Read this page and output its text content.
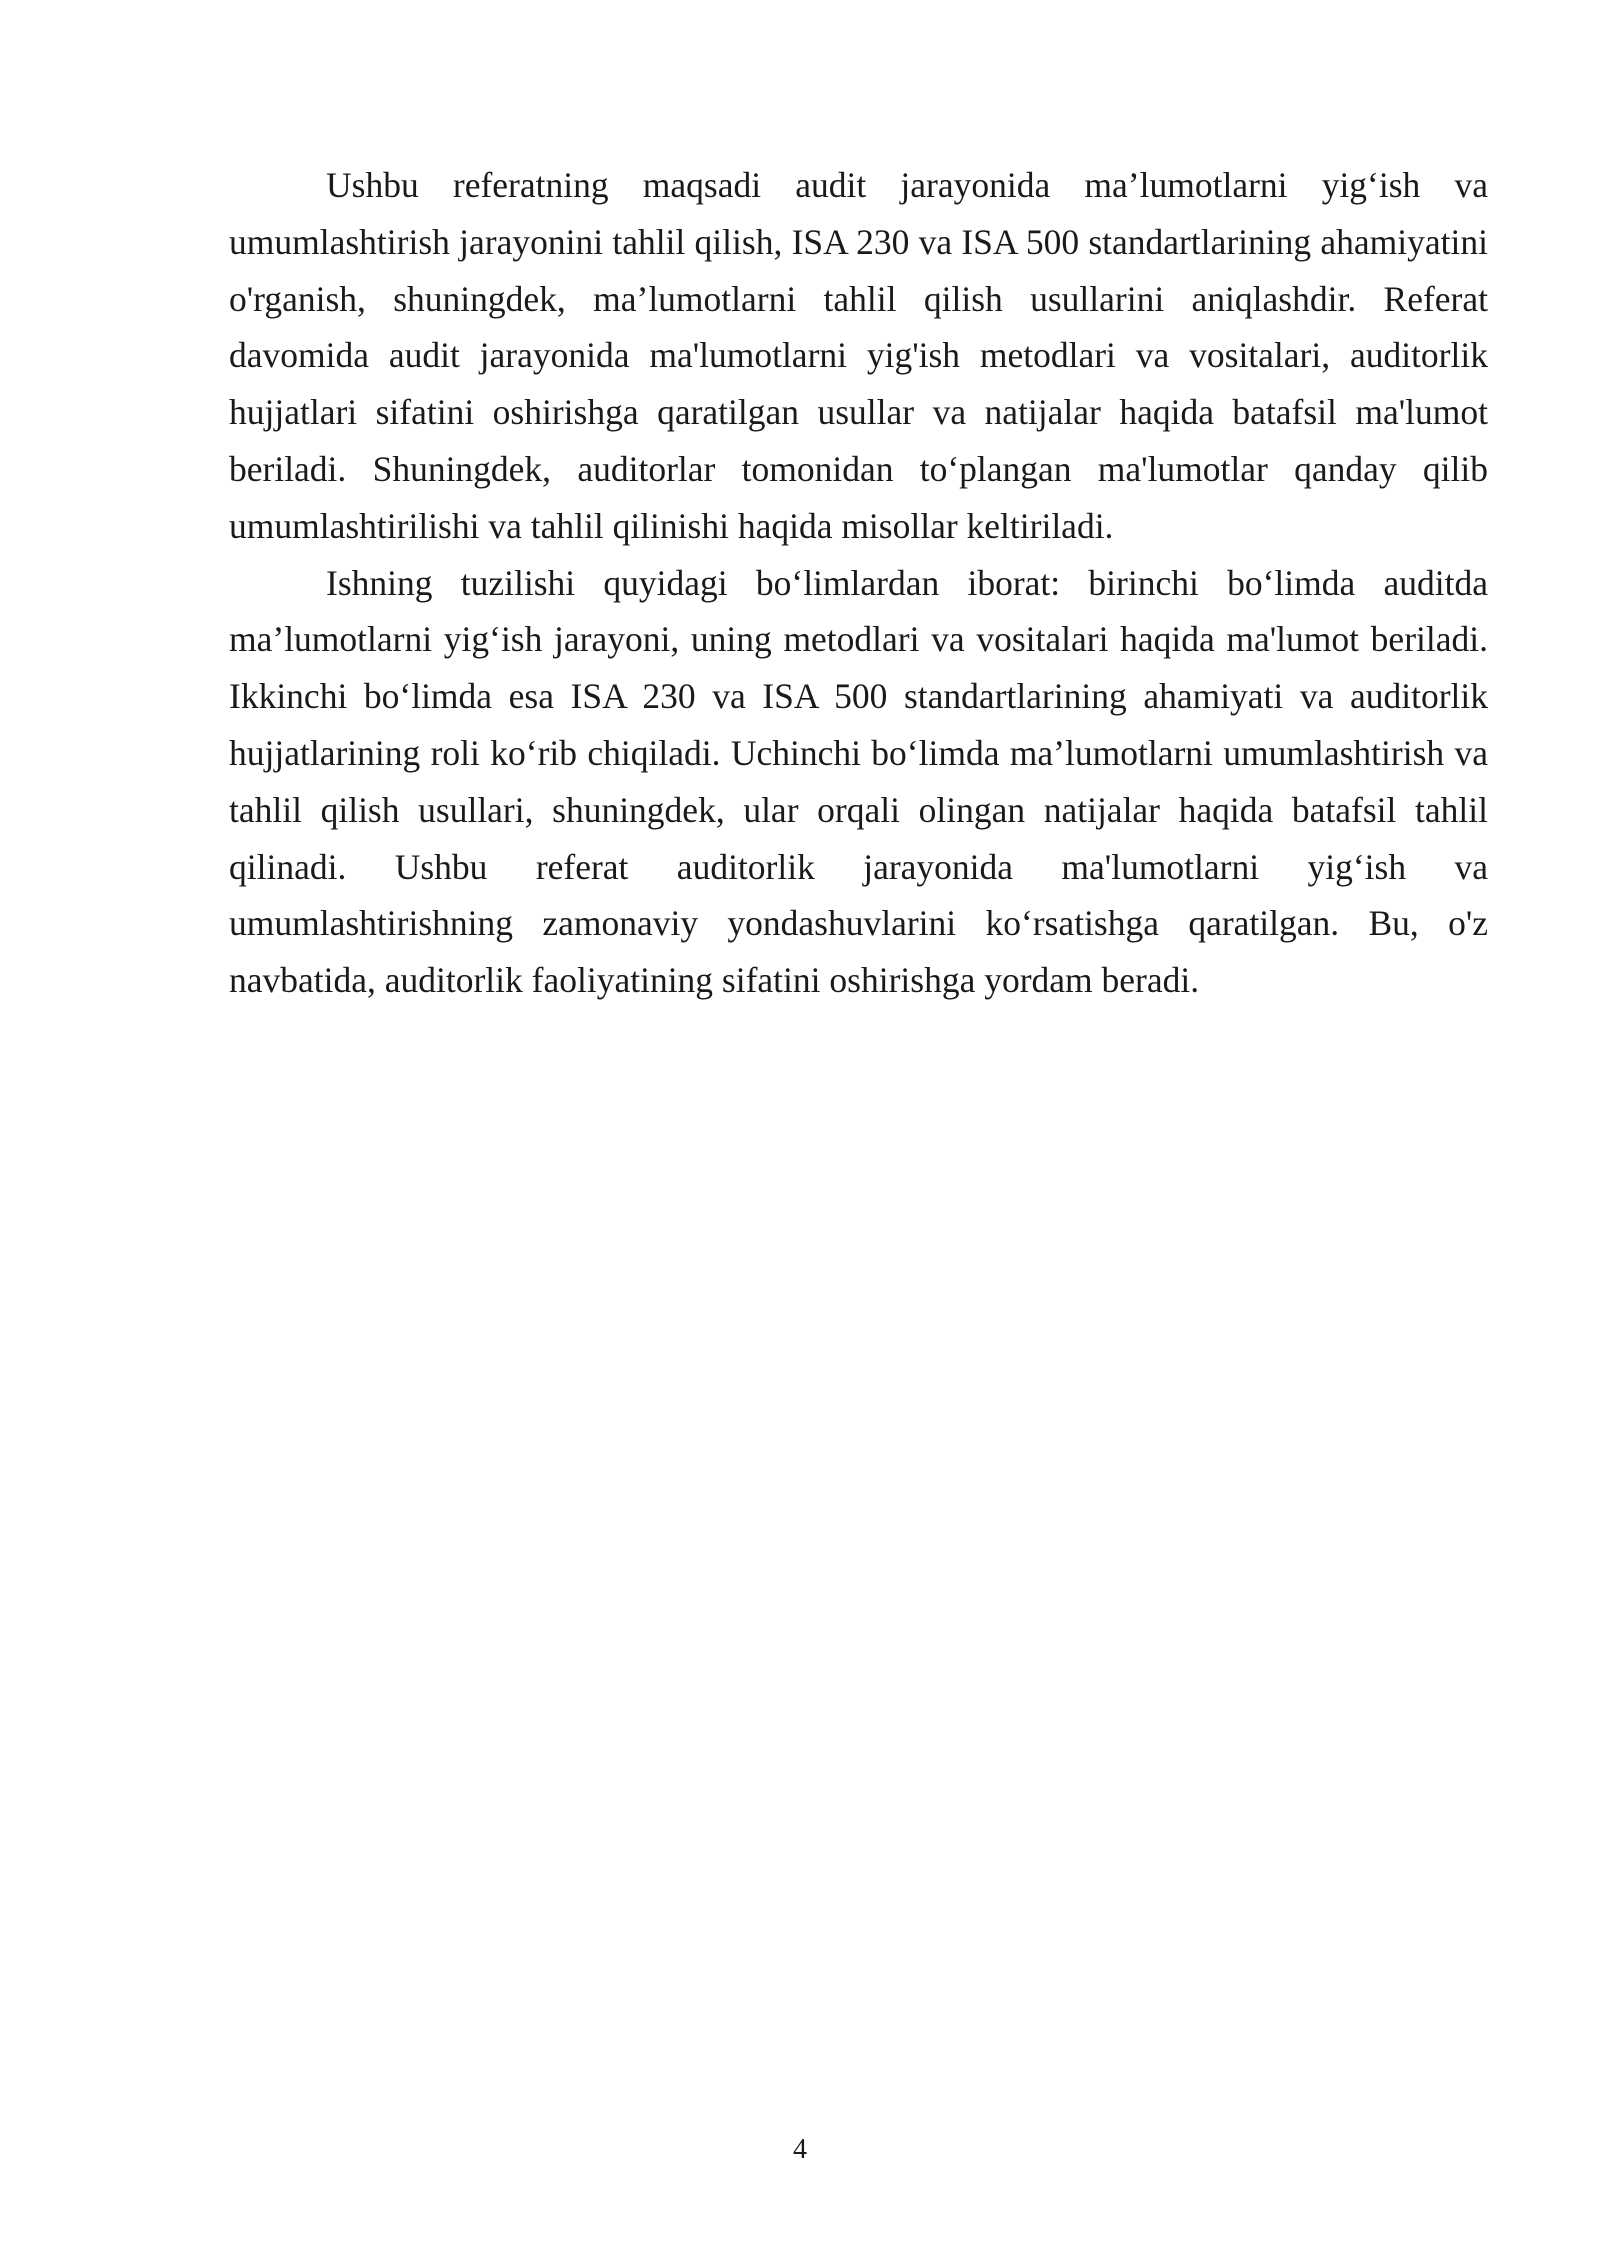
Ushbu referatning maqsadi audit jarayonida ma’lumotlarni yig‘ish va umumlashtirish jarayonini tahlil qilish, ISA 230 va ISA 500 standartlarining ahamiyatini o'rganish, shuningdek, ma’lumotlarni tahlil qilish usullarini aniqlashdir. Referat davomida audit jarayonida ma'lumotlarni yig'ish metodlari va vositalari, auditorlik hujjatlari sifatini oshirishga qaratilgan usullar va natijalar haqida batafsil ma'lumot beriladi. Shuningdek, auditorlar tomonidan to‘plangan ma'lumotlar qanday qilib umumlashtirilishi va tahlil qilinishi haqida misollar keltiriladi.

Ishning tuzilishi quyidagi bo‘limlardan iborat: birinchi bo‘limda auditda ma’lumotlarni yig‘ish jarayoni, uning metodlari va vositalari haqida ma'lumot beriladi. Ikkinchi bo‘limda esa ISA 230 va ISA 500 standartlarining ahamiyati va auditorlik hujjatlarining roli ko‘rib chiqiladi. Uchinchi bo‘limda ma’lumotlarni umumlashtirish va tahlil qilish usullari, shuningdek, ular orqali olingan natijalar haqida batafsil tahlil qilinadi. Ushbu referat auditorlik jarayonida ma'lumotlarni yig‘ish va umumlashtirishning zamonaviy yondashuvlarini ko‘rsatishga qaratilgan. Bu, o'z navbatida, auditorlik faoliyatining sifatini oshirishga yordam beradi.

4
